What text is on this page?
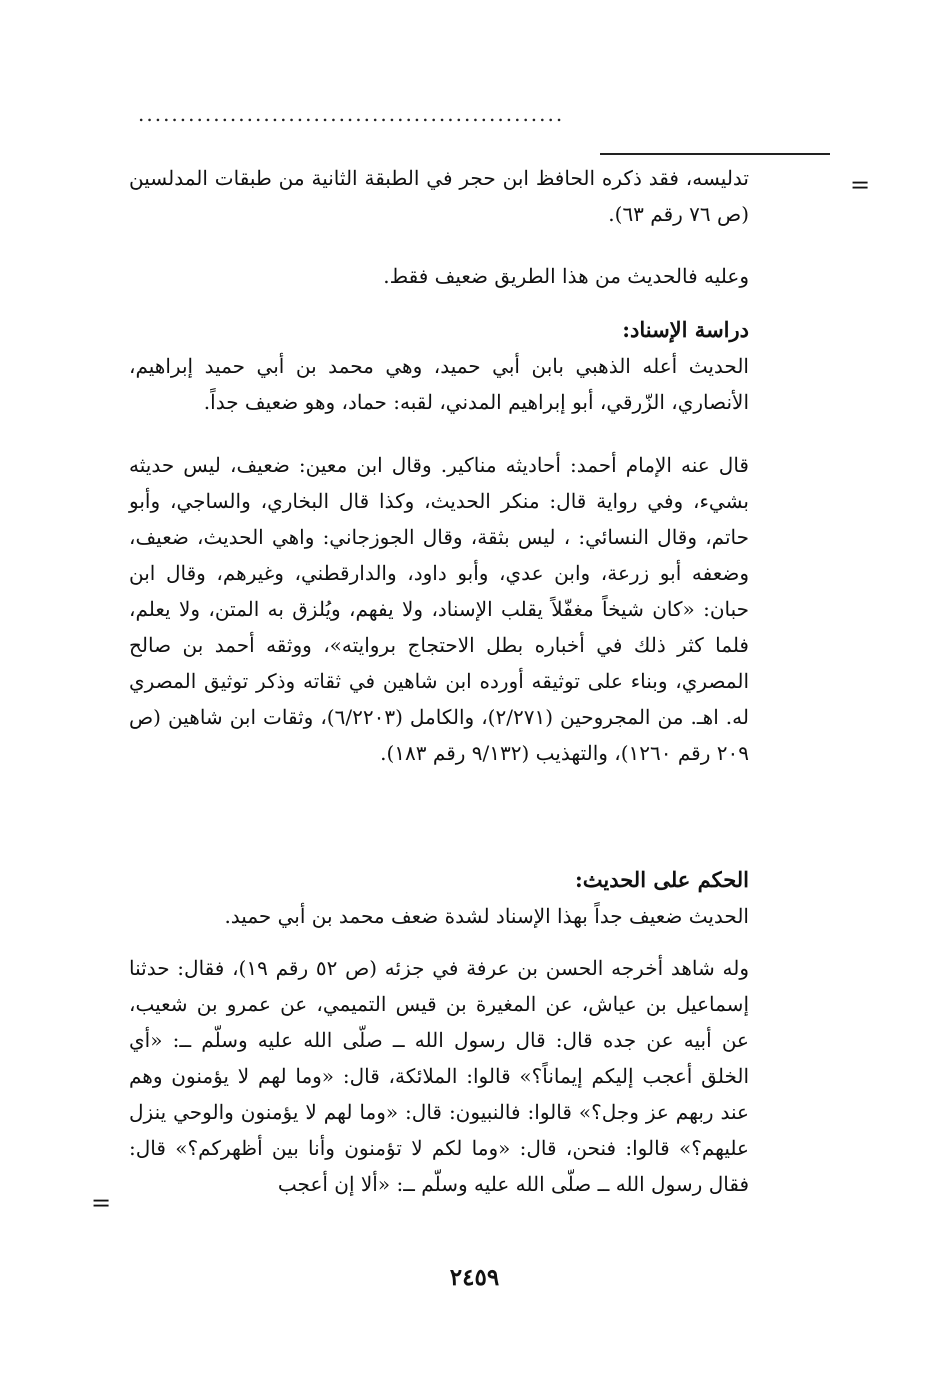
...................................................
=

تدليسه، فقد ذكره الحافظ ابن حجر في الطبقة الثانية من طبقات المدلسين (ص ٧٦ رقم ٦٣).

وعليه فالحديث من هذا الطريق ضعيف فقط.

دراسة الإسناد:

الحديث أعله الذهبي بابن أبي حميد، وهي محمد بن أبي حميد إبراهيم، الأنصاري، الزّرقي، أبو إبراهيم المدني، لقبه: حماد، وهو ضعيف جداً.

قال عنه الإمام أحمد: أحاديثه مناكير. وقال ابن معين: ضعيف، ليس حديثه بشيء، وفي رواية قال: منكر الحديث، وكذا قال البخاري، والساجي، وأبو حاتم، وقال النسائي: ، ليس بثقة، وقال الجوزجاني: واهي الحديث، ضعيف، وضعفه أبو زرعة، وابن عدي، وأبو داود، والدارقطني، وغيرهم، وقال ابن حبان: «كان شيخاً مغفّلاً يقلب الإسناد، ولا يفهم، ويُلزق به المتن، ولا يعلم، فلما كثر ذلك في أخباره بطل الاحتجاج بروايته»، ووثقه أحمد بن صالح المصري، وبناء على توثيقه أورده ابن شاهين في ثقاته وذكر توثيق المصري له. اهـ. من المجروحين (٢/٢٧١)، والكامل (٦/٢٢٠٣)، وثقات ابن شاهين (ص ٢٠٩ رقم ١٢٦٠)، والتهذيب (٩/١٣٢ رقم ١٨٣).

الحكم على الحديث:

الحديث ضعيف جداً بهذا الإسناد لشدة ضعف محمد بن أبي حميد.

وله شاهد أخرجه الحسن بن عرفة في جزئه (ص ٥٢ رقم ١٩)، فقال: حدثنا إسماعيل بن عياش، عن المغيرة بن قيس التميمي، عن عمرو بن شعيب، عن أبيه عن جده قال: قال رسول الله ــ صلّى الله عليه وسلّم ــ: «أي الخلق أعجب إليكم إيماناً؟» قالوا: الملائكة، قال: «وما لهم لا يؤمنون وهم عند ربهم عز وجل؟» قالوا: فالنبيون: قال: «وما لهم لا يؤمنون والوحي ينزل عليهم؟» قالوا: فنحن، قال: «وما لكم لا تؤمنون وأنا بين أظهركم؟» قال: فقال رسول الله ــ صلّى الله عليه وسلّم ــ: «ألا إن أعجب

=
٢٤٥٩
